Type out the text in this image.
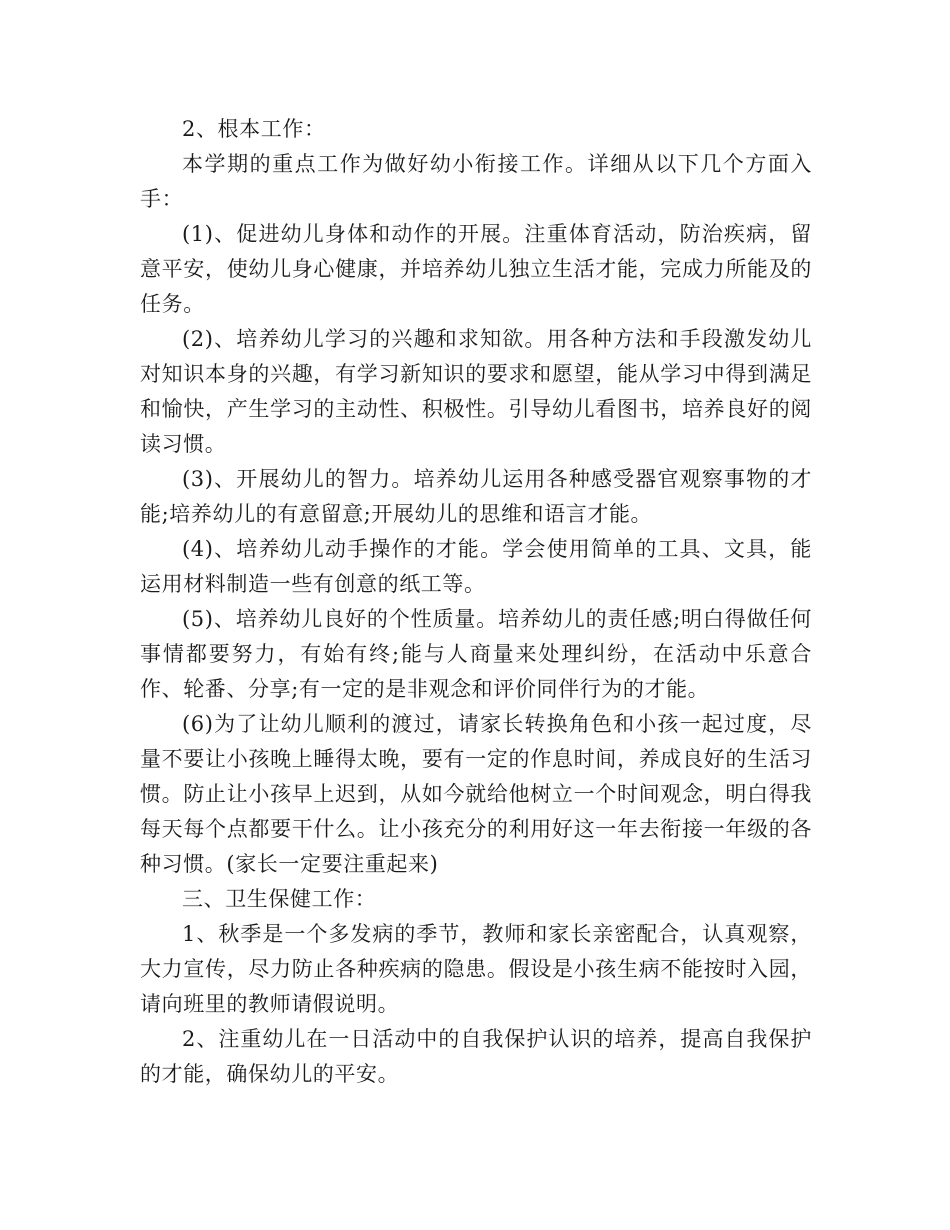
2、根本工作：

本学期的重点工作为做好幼小衔接工作。详细从以下几个方面入手：

(1)、促进幼儿身体和动作的开展。注重体育活动，防治疾病，留意平安，使幼儿身心健康，并培养幼儿独立生活才能，完成力所能及的任务。

(2)、培养幼儿学习的兴趣和求知欲。用各种方法和手段激发幼儿对知识本身的兴趣，有学习新知识的要求和愿望，能从学习中得到满足和愉快，产生学习的主动性、积极性。引导幼儿看图书，培养良好的阅读习惯。

(3)、开展幼儿的智力。培养幼儿运用各种感受器官观察事物的才能;培养幼儿的有意留意;开展幼儿的思维和语言才能。

(4)、培养幼儿动手操作的才能。学会使用简单的工具、文具，能运用材料制造一些有创意的纸工等。

(5)、培养幼儿良好的个性质量。培养幼儿的责任感;明白得做任何事情都要努力，有始有终;能与人商量来处理纠纷，在活动中乐意合作、轮番、分享;有一定的是非观念和评价同伴行为的才能。

(6)为了让幼儿顺利的渡过，请家长转换角色和小孩一起过度，尽量不要让小孩晚上睡得太晚，要有一定的作息时间，养成良好的生活习惯。防止让小孩早上迟到，从如今就给他树立一个时间观念，明白得我每天每个点都要干什么。让小孩充分的利用好这一年去衔接一年级的各种习惯。(家长一定要注重起来)

三、卫生保健工作：

1、秋季是一个多发病的季节，教师和家长亲密配合，认真观察，大力宣传，尽力防止各种疾病的隐患。假设是小孩生病不能按时入园，请向班里的教师请假说明。

2、注重幼儿在一日活动中的自我保护认识的培养，提高自我保护的才能，确保幼儿的平安。
